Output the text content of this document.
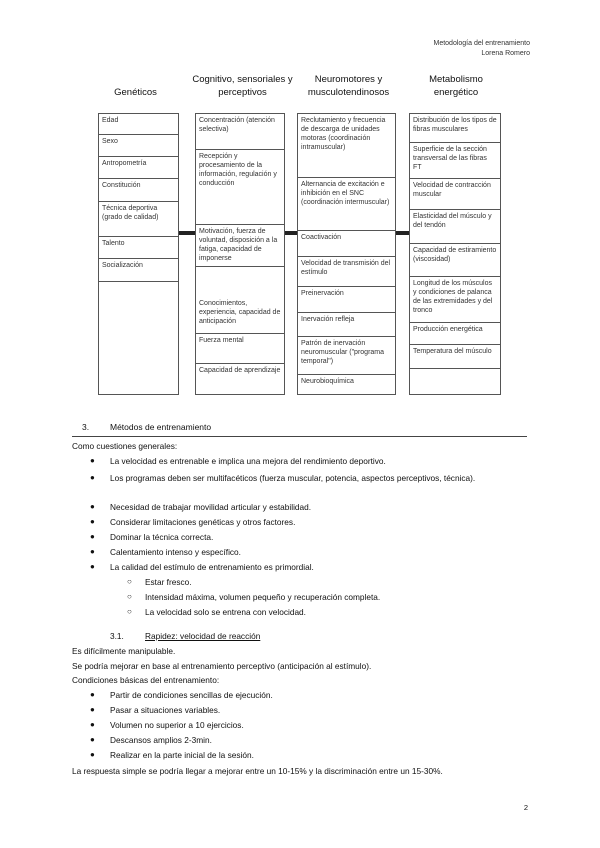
Metodología del entrenamiento
Lorena Romero
Genéticos
Cognitivo, sensoriales y perceptivos
Neuromotores y musculotendinosos
Metabolismo energético
Edad
Sexo
Antropometría
Constitución
Técnica deportiva (grado de calidad)
Talento
Socialización
Concentración (atención selectiva)
Recepción y procesamiento de la información, regulación y conducción
Motivación, fuerza de voluntad, disposición a la fatiga, capacidad de imponerse
Conocimientos, experiencia, capacidad de anticipación
Fuerza mental
Capacidad de aprendizaje
Reclutamiento y frecuencia de descarga de unidades motoras (coordinación intramuscular)
Alternancia de excitación e inhibición en el SNC (coordinación intermuscular)
Coactivación
Velocidad de transmisión del estímulo
Preinervación
Inervación refleja
Patrón de inervación neuromuscular ("programa temporal")
Neurobioquímica
Distribución de los tipos de fibras musculares
Superficie de la sección transversal de las fibras FT
Velocidad de contracción muscular
Elasticidad del músculo y del tendón
Capacidad de estiramiento (viscosidad)
Longitud de los músculos y condiciones de palanca de las extremidades y del tronco
Producción energética
Temperatura del músculo
3. Métodos de entrenamiento
Como cuestiones generales:
● La velocidad es entrenable e implica una mejora del rendimiento deportivo.
● Los programas deben ser multifacéticos (fuerza muscular, potencia, aspectos perceptivos, técnica).
● Necesidad de trabajar movilidad articular y estabilidad.
● Considerar limitaciones genéticas y otros factores.
● Dominar la técnica correcta.
● Calentamiento intenso y específico.
● La calidad del estímulo de entrenamiento es primordial.
○ Estar fresco.
○ Intensidad máxima, volumen pequeño y recuperación completa.
○ La velocidad solo se entrena con velocidad.
3.1.	Rapidez: velocidad de reacción
Es difícilmente manipulable.
Se podría mejorar en base al entrenamiento perceptivo (anticipación al estímulo).
Condiciones básicas del entrenamiento:
● Partir de condiciones sencillas de ejecución.
● Pasar a situaciones variables.
● Volumen no superior a 10 ejercicios.
● Descansos amplios 2-3min.
● Realizar en la parte inicial de la sesión.
La respuesta simple se podría llegar a mejorar entre un 10-15% y la discriminación entre un 15-30%.
2
